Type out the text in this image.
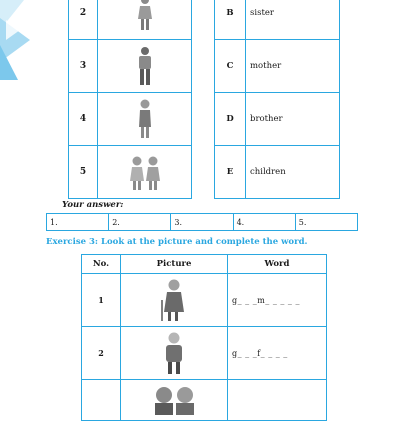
2	
3	
4	
5	
B	sister
C	mother
D	brother
E	children
Your answer:
1.	2.	3.	4.	5.
Exercise 3: Look at the picture and complete the word.
No.	Picture	Word
1		g_ _ _m_ _ _ _ _
2		g_ _ _f_ _ _ _
